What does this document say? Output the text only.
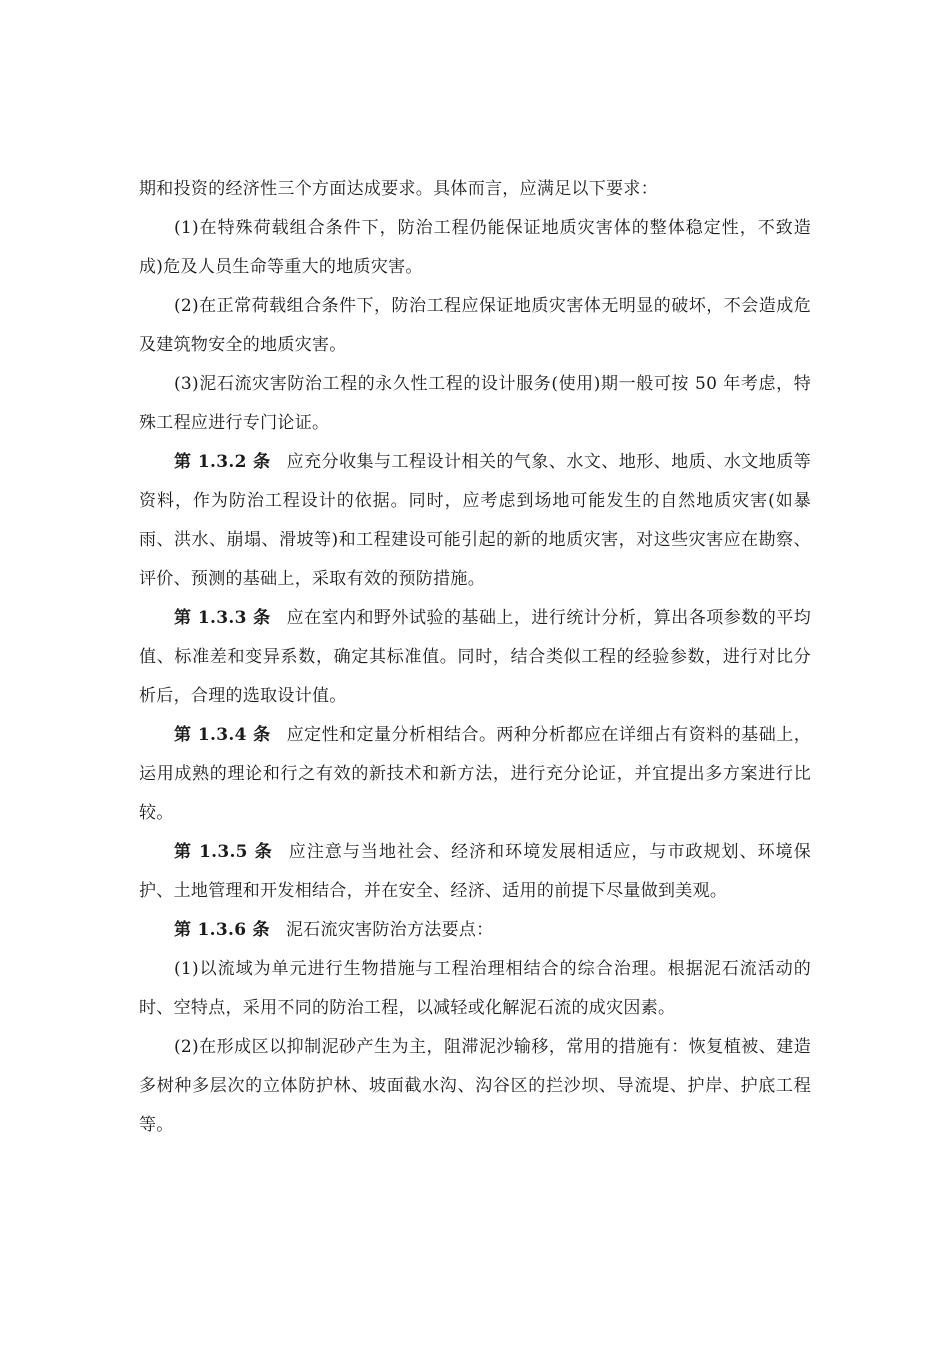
期和投资的经济性三个方面达成要求。具体而言，应满足以下要求：

(1)在特殊荷载组合条件下，防治工程仍能保证地质灾害体的整体稳定性，不致造成)危及人员生命等重大的地质灾害。

(2)在正常荷载组合条件下，防治工程应保证地质灾害体无明显的破坏，不会造成危及建筑物安全的地质灾害。

(3)泥石流灾害防治工程的永久性工程的设计服务(使用)期一般可按 50 年考虑，特殊工程应进行专门论证。

第 1.3.2 条 应充分收集与工程设计相关的气象、水文、地形、地质、水文地质等资料，作为防治工程设计的依据。同时，应考虑到场地可能发生的自然地质灾害(如暴雨、洪水、崩塌、滑坡等)和工程建设可能引起的新的地质灾害，对这些灾害应在勘察、评价、预测的基础上，采取有效的预防措施。

第 1.3.3 条 应在室内和野外试验的基础上，进行统计分析，算出各项参数的平均值、标准差和变异系数，确定其标准值。同时，结合类似工程的经验参数，进行对比分析后，合理的选取设计值。

第 1.3.4 条 应定性和定量分析相结合。两种分析都应在详细占有资料的基础上，运用成熟的理论和行之有效的新技术和新方法，进行充分论证，并宜提出多方案进行比较。

第 1.3.5 条 应注意与当地社会、经济和环境发展相适应，与市政规划、环境保护、土地管理和开发相结合，并在安全、经济、适用的前提下尽量做到美观。

第 1.3.6 条 泥石流灾害防治方法要点：

(1)以流域为单元进行生物措施与工程治理相结合的综合治理。根据泥石流活动的时、空特点，采用不同的防治工程，以减轻或化解泥石流的成灾因素。

(2)在形成区以抑制泥砂产生为主，阻滞泥沙输移，常用的措施有：恢复植被、建造多树种多层次的立体防护林、坡面截水沟、沟谷区的拦沙坝、导流堤、护岸、护底工程等。
